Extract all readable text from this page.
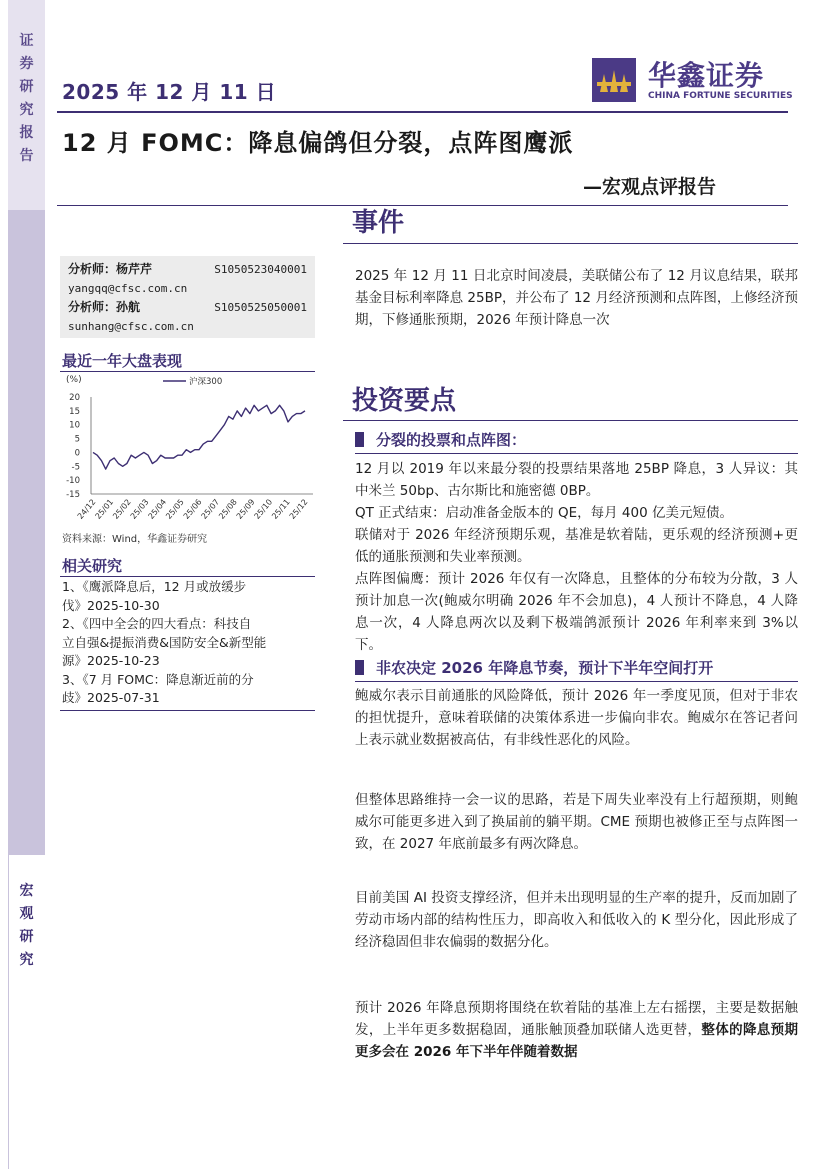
证
券
研
究
报
告
宏
观
研
究
2025 年 12 月 11 日	华鑫证券
CHINA FORTUNE SECURITIES
12 月 FOMC：降息偏鸽但分裂，点阵图鹰派
—宏观点评报告
分析师：杨芹芹	S1050523040001
yangqq@cfsc.com.cn
分析师：孙航	S1050525050001
sunhang@cfsc.com.cn
最近一年大盘表现
(%)	沪深300
20
15
10
5
0
-5
-10
-15
24/12
25/01
25/02
25/03
25/04
25/05
25/06
25/07
25/08
25/09
25/10
25/11
25/12
资料来源：Wind，华鑫证券研究
相关研究
1、《鹰派降息后，12 月或放缓步
伐》2025-10-30
2、《四中全会的四大看点：科技自
立自强&提振消费&国防安全&新型能
源》2025-10-23
3、《7 月 FOMC：降息渐近前的分
歧》2025-07-31
事件
2025 年 12 月 11 日北京时间凌晨，美联储公布了 12 月议息结果，联邦基金目标利率降息 25BP，并公布了 12 月经济预测和点阵图，上修经济预期，下修通胀预期，2026 年预计降息一次
投资要点
分裂的投票和点阵图：
12 月以 2019 年以来最分裂的投票结果落地 25BP 降息，3 人异议：其中米兰 50bp、古尔斯比和施密德 0BP。
QT 正式结束：启动准备金版本的 QE，每月 400 亿美元短债。
联储对于 2026 年经济预期乐观，基准是软着陆，更乐观的经济预测+更低的通胀预测和失业率预测。
点阵图偏鹰：预计 2026 年仅有一次降息，且整体的分布较为分散，3 人预计加息一次(鲍威尔明确 2026 年不会加息)，4 人预计不降息，4 人降息一次，4 人降息两次以及剩下极端鸽派预计 2026 年利率来到 3%以下。
非农决定 2026 年降息节奏，预计下半年空间打开
鲍威尔表示目前通胀的风险降低，预计 2026 年一季度见顶，但对于非农的担忧提升，意味着联储的决策体系进一步偏向非农。鲍威尔在答记者问上表示就业数据被高估，有非线性恶化的风险。
但整体思路维持一会一议的思路，若是下周失业率没有上行超预期，则鲍威尔可能更多进入到了换届前的躺平期。CME 预期也被修正至与点阵图一致，在 2027 年底前最多有两次降息。
目前美国 AI 投资支撑经济，但并未出现明显的生产率的提升，反而加剧了劳动市场内部的结构性压力，即高收入和低收入的 K 型分化，因此形成了经济稳固但非农偏弱的数据分化。
预计 2026 年降息预期将围绕在软着陆的基准上左右摇摆，主要是数据触发，上半年更多数据稳固，通胀触顶叠加联储人选更替，整体的降息预期更多会在 2026 年下半年伴随着数据
